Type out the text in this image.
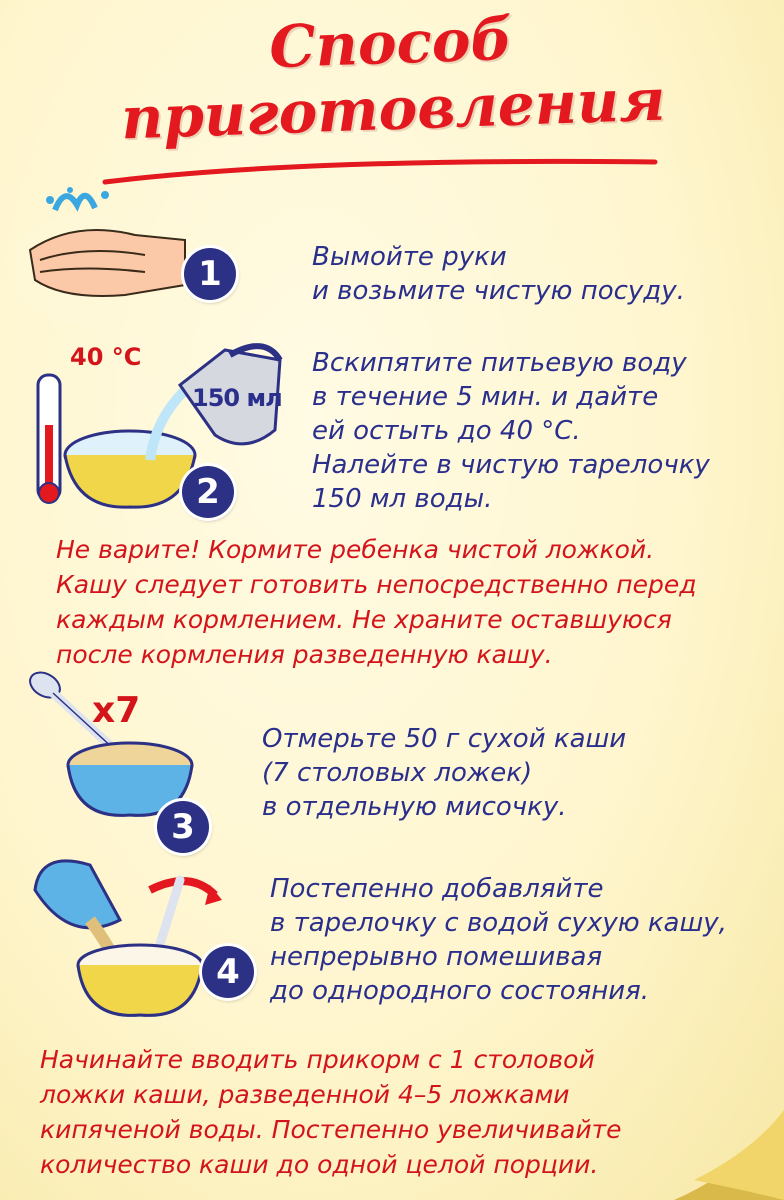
Способ
приготовления
1	Вымойте руки
и возьмите чистую посуду.
40 °С
150 мл
2
Вскипятите питьевую воду
в течение 5 мин. и дайте
ей остыть до 40 °С.
Налейте в чистую тарелочку
150 мл воды.
Не варите! Кормите ребенка чистой ложкой.
Кашу следует готовить непосредственно перед
каждым кормлением. Не храните оставшуюся
после кормления разведенную кашу.
x7
3
Отмерьте 50 г сухой каши
(7 столовых ложек)
в отдельную мисочку.
4
Постепенно добавляйте
в тарелочку с водой сухую кашу,
непрерывно помешивая
до однородного состояния.
Начинайте вводить прикорм с 1 столовой
ложки каши, разведенной 4–5 ложками
кипяченой воды. Постепенно увеличивайте
количество каши до одной целой порции.
